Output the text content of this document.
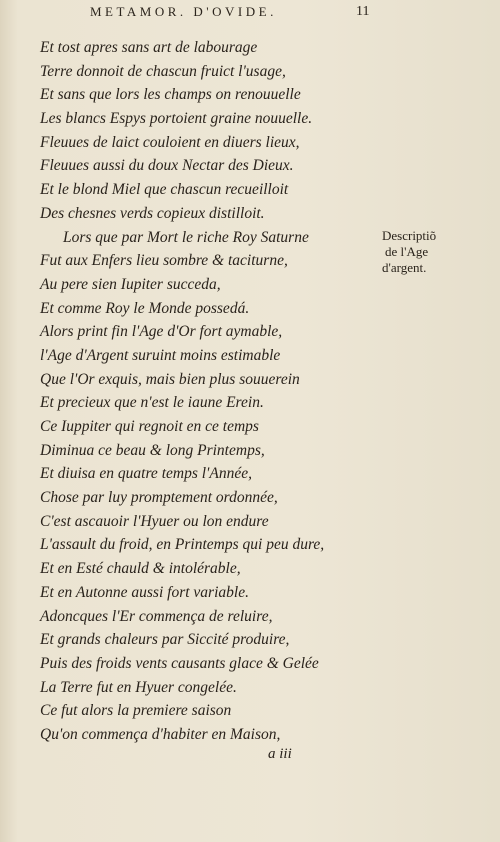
METAMOR. D'OVIDE.	11
Et tost apres sans art de labourage
Terre donnoit de chascun fruict l'usage,
Et sans que lors les champs on renouuelle
Les blancs Espys portoient graine nouuelle.
Fleuues de laict couloient en diuers lieux,
Fleuues aussi du doux Nectar des Dieux.
Et le blond Miel que chascun recueilloit
Des chesnes verds copieux distilloit.
Lors que par Mort le riche Roy Saturne
Fut aux Enfers lieu sombre & taciturne,
Au pere sien Iupiter succeda,
Et comme Roy le Monde possedá.
Alors print fin l'Age d'Or fort aymable,
l'Age d'Argent suruint moins estimable
Que l'Or exquis, mais bien plus souuerein
Et precieux que n'est le iaune Erein.
Ce Iuppiter qui regnoit en ce temps
Diminua ce beau & long Printemps,
Et diuisa en quatre temps l'Année,
Chose par luy promptement ordonnée,
C'est ascauoir l'Hyuer ou lon endure
L'assault du froid, en Printemps qui peu dure,
Et en Esté chauld & intolérable,
Et en Autonne aussi fort variable.
Adoncques l'Er commença de reluire,
Et grands chaleurs par Siccité produire,
Puis des froids vents causants glace & Gelée
La Terre fut en Hyuer congelée.
Ce fut alors la premiere saison
Qu'on commença d'habiter en Maison,
Descriptiõ
de l'Age
d'argent.
a iii
